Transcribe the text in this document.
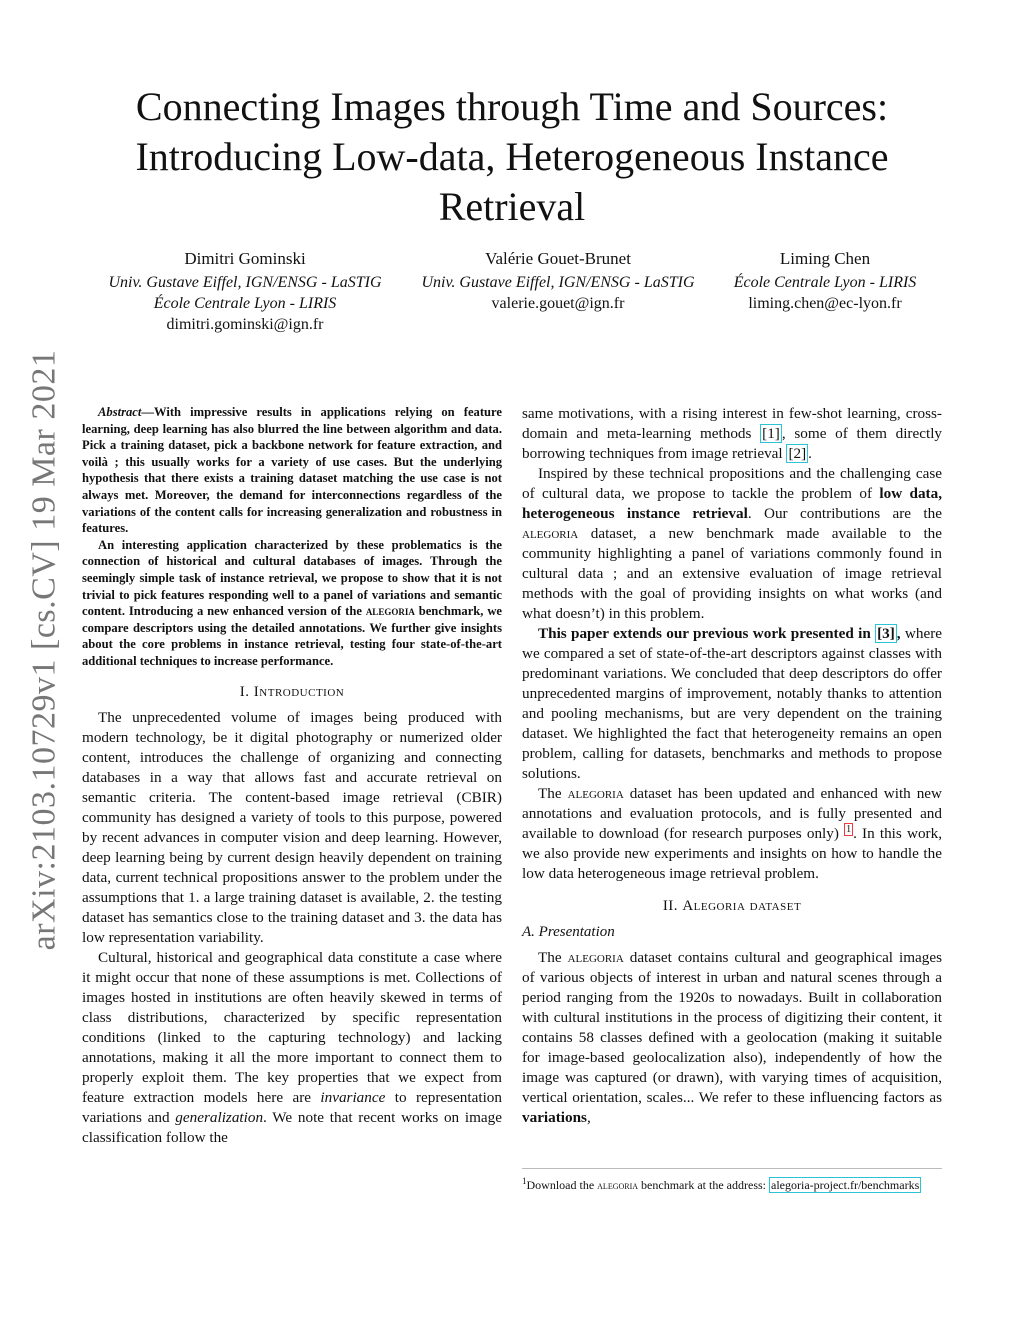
arXiv:2103.10729v1 [cs.CV] 19 Mar 2021
Connecting Images through Time and Sources: Introducing Low-data, Heterogeneous Instance Retrieval
Dimitri Gominski
Univ. Gustave Eiffel, IGN/ENSG - LaSTIG
École Centrale Lyon - LIRIS
dimitri.gominski@ign.fr
Valérie Gouet-Brunet
Univ. Gustave Eiffel, IGN/ENSG - LaSTIG
valerie.gouet@ign.fr
Liming Chen
École Centrale Lyon - LIRIS
liming.chen@ec-lyon.fr

Abstract—With impressive results in applications relying on feature learning, deep learning has also blurred the line between algorithm and data. Pick a training dataset, pick a backbone network for feature extraction, and voilà ; this usually works for a variety of use cases. But the underlying hypothesis that there exists a training dataset matching the use case is not always met. Moreover, the demand for interconnections regardless of the variations of the content calls for increasing generalization and robustness in features.

An interesting application characterized by these problematics is the connection of historical and cultural databases of images. Through the seemingly simple task of instance retrieval, we propose to show that it is not trivial to pick features responding well to a panel of variations and semantic content. Introducing a new enhanced version of the alegoria benchmark, we compare descriptors using the detailed annotations. We further give insights about the core problems in instance retrieval, testing four state-of-the-art additional techniques to increase performance.

I. Introduction

The unprecedented volume of images being produced with modern technology, be it digital photography or numerized older content, introduces the challenge of organizing and connecting databases in a way that allows fast and accurate retrieval on semantic criteria. The content-based image retrieval (CBIR) community has designed a variety of tools to this purpose, powered by recent advances in computer vision and deep learning. However, deep learning being by current design heavily dependent on training data, current technical propositions answer to the problem under the assumptions that 1. a large training dataset is available, 2. the testing dataset has semantics close to the training dataset and 3. the data has low representation variability.

Cultural, historical and geographical data constitute a case where it might occur that none of these assumptions is met. Collections of images hosted in institutions are often heavily skewed in terms of class distributions, characterized by specific representation conditions (linked to the capturing technology) and lacking annotations, making it all the more important to connect them to properly exploit them. The key properties that we expect from feature extraction models here are invariance to representation variations and generalization. We note that recent works on image classification follow the

same motivations, with a rising interest in few-shot learning, cross-domain and meta-learning methods [1] , some of them directly borrowing techniques from image retrieval [2] .

Inspired by these technical propositions and the challenging case of cultural data, we propose to tackle the problem of low data, heterogeneous instance retrieval. Our contributions are the alegoria dataset, a new benchmark made available to the community highlighting a panel of variations commonly found in cultural data ; and an extensive evaluation of image retrieval methods with the goal of providing insights on what works (and what doesn’t) in this problem.

This paper extends our previous work presented in [3] , where we compared a set of state-of-the-art descriptors against classes with predominant variations. We concluded that deep descriptors do offer unprecedented margins of improvement, notably thanks to attention and pooling mechanisms, but are very dependent on the training dataset. We highlighted the fact that heterogeneity remains an open problem, calling for datasets, benchmarks and methods to propose solutions.

The alegoria dataset has been updated and enhanced with new annotations and evaluation protocols, and is fully presented and available to download (for research purposes only) $^1$ . In this work, we also provide new experiments and insights on how to handle the low data heterogeneous image retrieval problem.

II. Alegoria dataset
A. Presentation

The alegoria dataset contains cultural and geographical images of various objects of interest in urban and natural scenes through a period ranging from the 1920s to nowadays. Built in collaboration with cultural institutions in the process of digitizing their content, it contains 58 classes defined with a geolocation (making it suitable for image-based geolocalization also), independently of how the image was captured (or drawn), with varying times of acquisition, vertical orientation, scales... We refer to these influencing factors as variations,

$^1$Download the alegoria benchmark at the address: alegoria-project.fr/benchmarks
